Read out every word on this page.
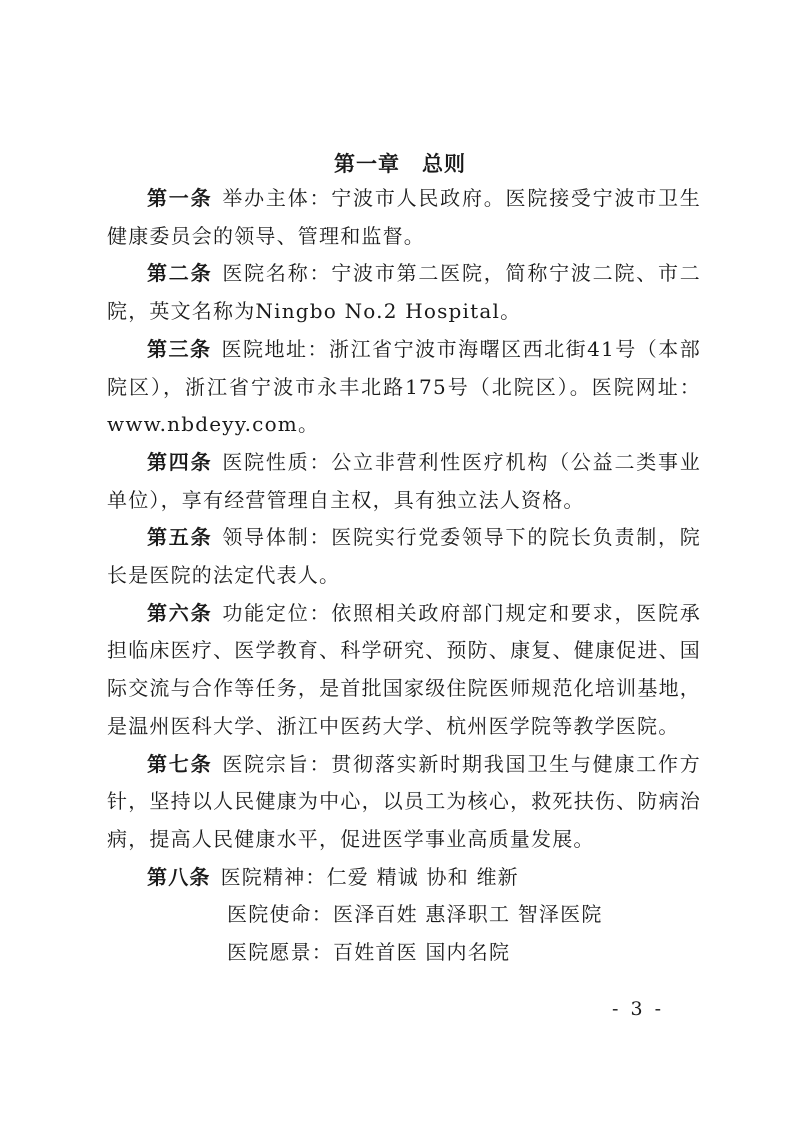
第一章　总则

第一条 举办主体：宁波市人民政府。医院接受宁波市卫生健康委员会的领导、管理和监督。

第二条 医院名称：宁波市第二医院，简称宁波二院、市二院，英文名称为Ningbo No.2 Hospital。

第三条 医院地址：浙江省宁波市海曙区西北街41号（本部院区），浙江省宁波市永丰北路175号（北院区）。医院网址：www.nbdeyy.com。

第四条 医院性质：公立非营利性医疗机构（公益二类事业单位），享有经营管理自主权，具有独立法人资格。

第五条 领导体制：医院实行党委领导下的院长负责制，院长是医院的法定代表人。

第六条 功能定位：依照相关政府部门规定和要求，医院承担临床医疗、医学教育、科学研究、预防、康复、健康促进、国际交流与合作等任务，是首批国家级住院医师规范化培训基地，是温州医科大学、浙江中医药大学、杭州医学院等教学医院。

第七条 医院宗旨：贯彻落实新时期我国卫生与健康工作方针，坚持以人民健康为中心，以员工为核心，救死扶伤、防病治病，提高人民健康水平，促进医学事业高质量发展。

第八条 医院精神：仁爱 精诚 协和 维新

医院使命：医泽百姓 惠泽职工 智泽医院

医院愿景：百姓首医 国内名院

- 3 -
